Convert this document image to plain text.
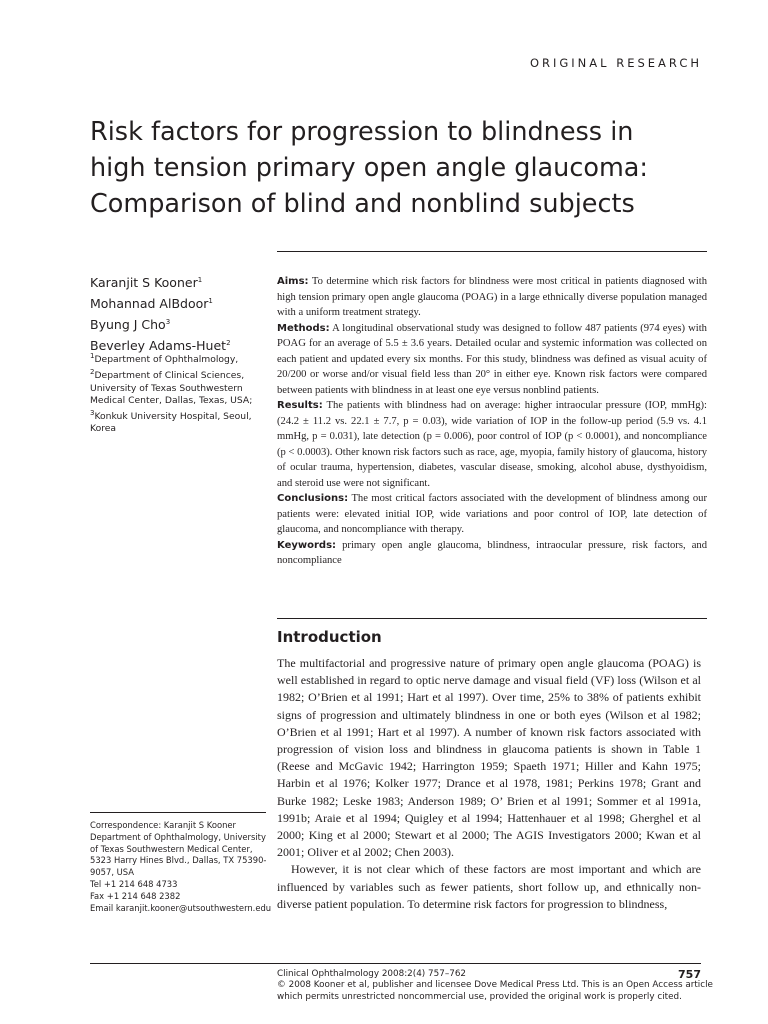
ORIGINAL RESEARCH
Risk factors for progression to blindness in
high tension primary open angle glaucoma:
Comparison of blind and nonblind subjects
Karanjit S Kooner$^1$
Mohannad AlBdoor$^1$
Byung J Cho$^3$
Beverley Adams-Huet$^2$
$^1$Department of Ophthalmology,
$^2$Department of Clinical Sciences,
University of Texas Southwestern
Medical Center, Dallas, Texas, USA;
$^3$Konkuk University Hospital, Seoul,
Korea

Aims: To determine which risk factors for blindness were most critical in patients diagnosed with high tension primary open angle glaucoma (POAG) in a large ethnically diverse population managed with a uniform treatment strategy.

Methods: A longitudinal observational study was designed to follow 487 patients (974 eyes) with POAG for an average of 5.5 ± 3.6 years. Detailed ocular and systemic information was collected on each patient and updated every six months. For this study, blindness was defined as visual acuity of 20/200 or worse and/or visual field less than 20° in either eye. Known risk factors were compared between patients with blindness in at least one eye versus nonblind patients.

Results: The patients with blindness had on average: higher intraocular pressure (IOP, mmHg): (24.2 ± 11.2 vs. 22.1 ± 7.7, p = 0.03), wide variation of IOP in the follow-up period (5.9 vs. 4.1 mmHg, p = 0.031), late detection (p = 0.006), poor control of IOP (p < 0.0001), and noncompliance (p < 0.0003). Other known risk factors such as race, age, myopia, family history of glaucoma, history of ocular trauma, hypertension, diabetes, vascular disease, smoking, alcohol abuse, dysthyoidism, and steroid use were not significant.

Conclusions: The most critical factors associated with the development of blindness among our patients were: elevated initial IOP, wide variations and poor control of IOP, late detection of glaucoma, and noncompliance with therapy.

Keywords: primary open angle glaucoma, blindness, intraocular pressure, risk factors, and noncompliance

Introduction

The multifactorial and progressive nature of primary open angle glaucoma (POAG) is well established in regard to optic nerve damage and visual field (VF) loss (Wilson et al 1982; O’Brien et al 1991; Hart et al 1997). Over time, 25% to 38% of patients exhibit signs of progression and ultimately blindness in one or both eyes (Wilson et al 1982; O’Brien et al 1991; Hart et al 1997). A number of known risk factors associated with progression of vision loss and blindness in glaucoma patients is shown in Table 1 (Reese and McGavic 1942; Harrington 1959; Spaeth 1971; Hiller and Kahn 1975; Harbin et al 1976; Kolker 1977; Drance et al 1978, 1981; Perkins 1978; Grant and Burke 1982; Leske 1983; Anderson 1989; O’ Brien et al 1991; Sommer et al 1991a, 1991b; Araie et al 1994; Quigley et al 1994; Hattenhauer et al 1998; Gherghel et al 2000; King et al 2000; Stewart et al 2000; The AGIS Investigators 2000; Kwan et al 2001; Oliver et al 2002; Chen 2003).

However, it is not clear which of these factors are most important and which are influenced by variables such as fewer patients, short follow up, and ethnically non-diverse patient population. To determine risk factors for progression to blindness,

Correspondence: Karanjit S Kooner
Department of Ophthalmology, University
of Texas Southwestern Medical Center,
5323 Harry Hines Blvd., Dallas, TX 75390-
9057, USA
Tel +1 214 648 4733
Fax +1 214 648 2382
Email karanjit.kooner@utsouthwestern.edu
Clinical Ophthalmology 2008:2(4) 757–762
© 2008 Kooner et al, publisher and licensee Dove Medical Press Ltd. This is an Open Access article
which permits unrestricted noncommercial use, provided the original work is properly cited.
757
